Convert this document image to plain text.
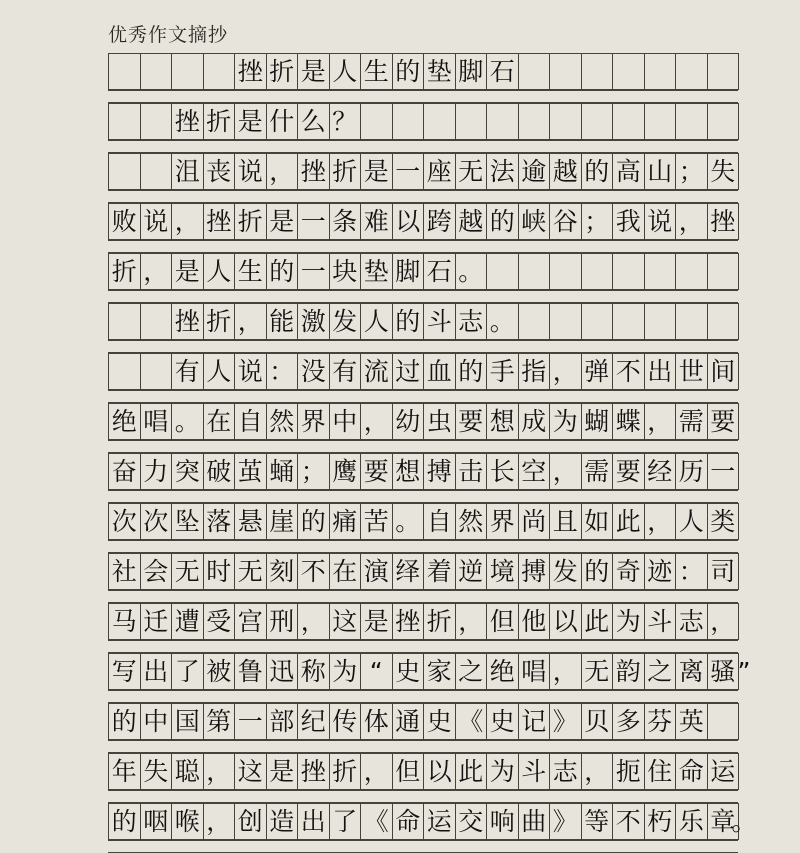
优秀作文摘抄
挫 折 是 人 生 的 垫 脚 石
挫 折 是 什 么 ？
沮 丧 说 ， 挫 折 是 一 座 无 法 逾 越 的 高 山 ； 失
败 说 ， 挫 折 是 一 条 难 以 跨 越 的 峡 谷 ； 我 说 ， 挫
折 ， 是 人 生 的 一 块 垫 脚 石 。
挫 折 ， 能 激 发 人 的 斗 志 。
有 人 说 ： 没 有 流 过 血 的 手 指 ， 弹 不 出 世 间
绝 唱 。 在 自 然 界 中 ， 幼 虫 要 想 成 为 蝴 蝶 ， 需 要
奋 力 突 破 茧 蛹 ； 鹰 要 想 搏 击 长 空 ， 需 要 经 历 一
次 次 坠 落 悬 崖 的 痛 苦 。 自 然 界 尚 且 如 此 ， 人 类
社 会 无 时 无 刻 不 在 演 绎 着 逆 境 搏 发 的 奇 迹 ： 司
马 迁 遭 受 宫 刑 ， 这 是 挫 折 ， 但 他 以 此 为 斗 志 ，
写 出 了 被 鲁 迅 称 为 “ 史 家 之 绝 唱 ， 无 韵 之 离 骚 ”
的 中 国 第 一 部 纪 传 体 通 史 《 史 记 》 贝 多 芬 英
年 失 聪 ， 这 是 挫 折 ， 但 以 此 为 斗 志 ， 扼 住 命 运
的 咽 喉 ， 创 造 出 了 《 命 运 交 响 曲 》 等 不 朽 乐 章
。
